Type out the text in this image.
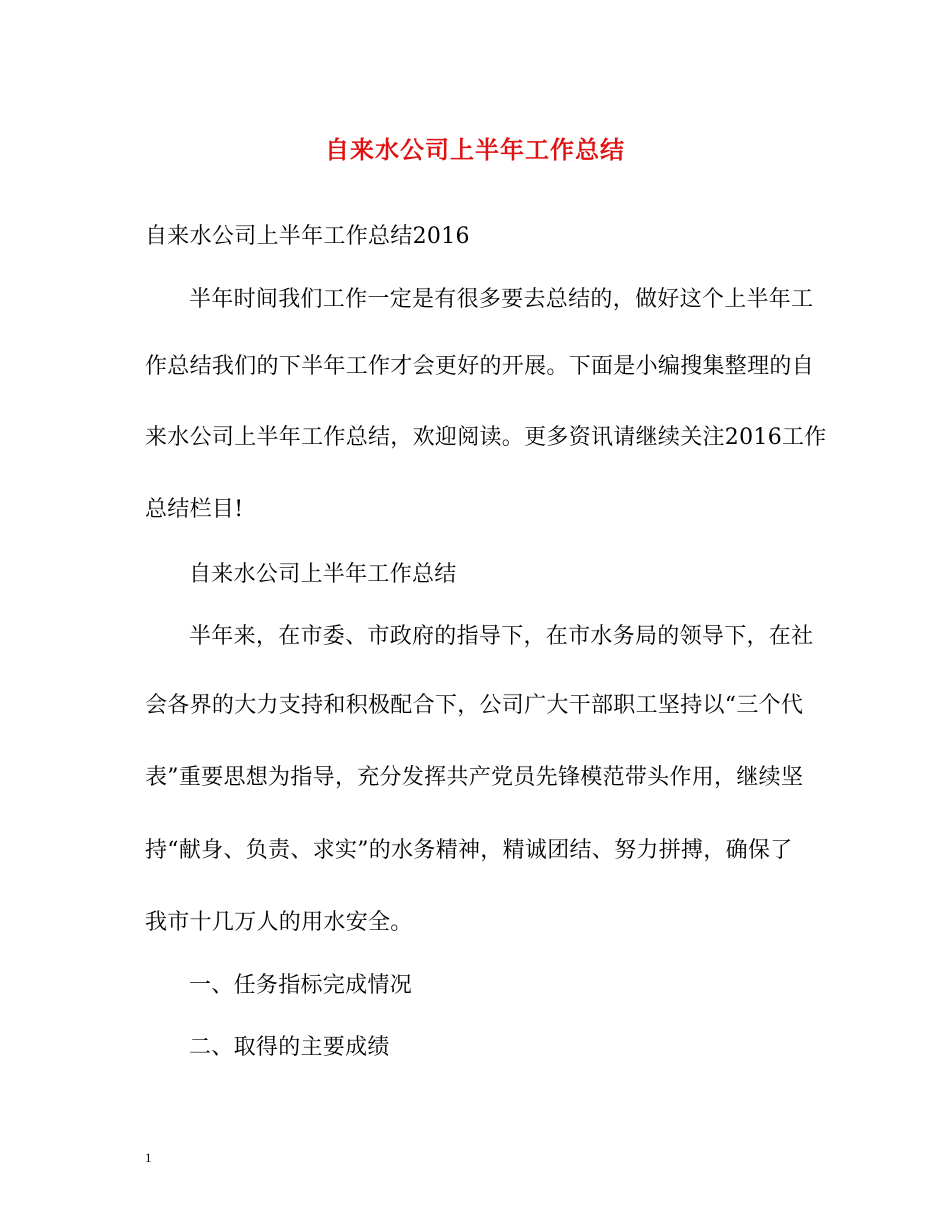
自来水公司上半年工作总结

自来水公司上半年工作总结2016

半年时间我们工作一定是有很多要去总结的，做好这个上半年工

作总结我们的下半年工作才会更好的开展。下面是小编搜集整理的自

来水公司上半年工作总结，欢迎阅读。更多资讯请继续关注2016工作

总结栏目!

自来水公司上半年工作总结

半年来，在市委、市政府的指导下，在市水务局的领导下，在社

会各界的大力支持和积极配合下，公司广大干部职工坚持以“三个代

表”重要思想为指导，充分发挥共产党员先锋模范带头作用，继续坚

持“献身、负责、求实”的水务精神，精诚团结、努力拼搏，确保了

我市十几万人的用水安全。

一、任务指标完成情况

二、取得的主要成绩

1
